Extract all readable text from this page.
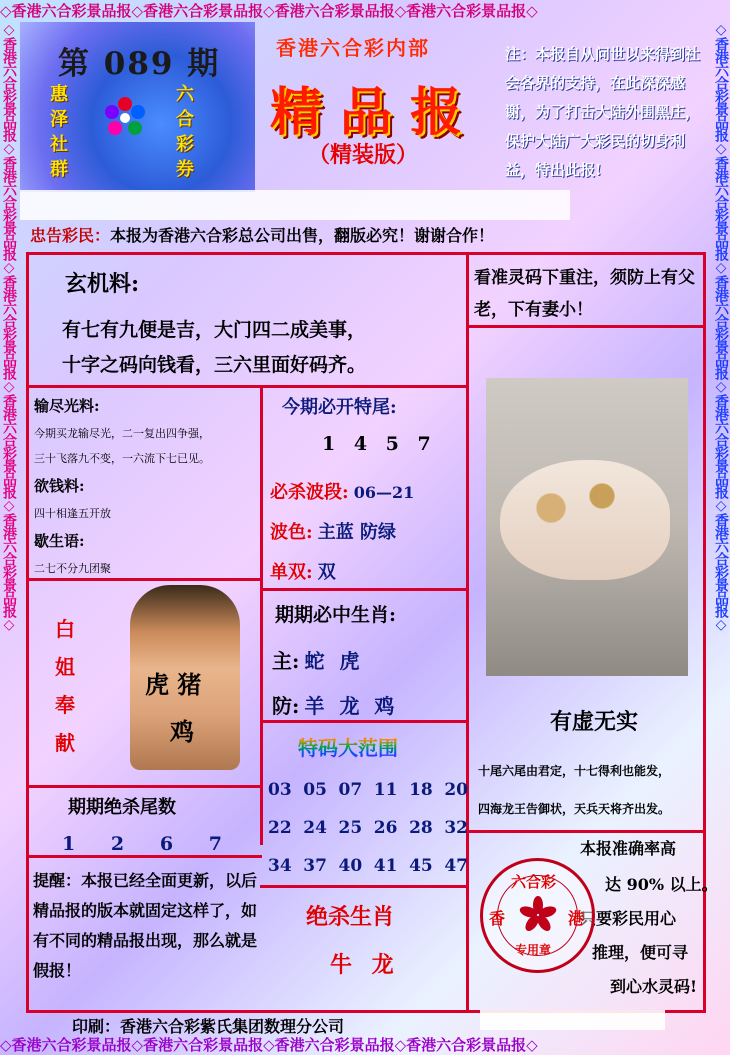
◇香港六合彩景品报◇香港六合彩景品报◇香港六合彩景品报◇香港六合彩景品报◇
◇香港六合彩景品报◇香港六合彩景品报◇香港六合彩景品报◇香港六合彩景品报◇
◇香港六合彩景品报◇香港六合彩景品报◇香港六合彩景品报◇香港六合彩景品报◇香港六合彩景品报◇	◇香港六合彩景品报◇香港六合彩景品报◇香港六合彩景品报◇香港六合彩景品报◇香港六合彩景品报◇
第 089 期
惠
泽
社
群
六
合
彩
券
香港六合彩内部
精品报
（精装版）
注：本报自从问世以来得到社会各界的支持，在此深深感谢，为了打击大陆外围黑庄，保护大陆广大彩民的切身利益，特出此报!
忠告彩民：本报为香港六合彩总公司出售，翻版必究！谢谢合作！
玄机料:
有七有九便是吉，大门四二成美事，
十字之码向钱看，三六里面好码齐。
看准灵码下重注，须防上有父老，下有妻小！
输尽光料:
今期买龙输尽光，二一复出四争强，
三十飞落九不变，一六流下七已见。
欲钱料:
四十相逢五开放
歇生语:
二七不分九团聚
今期必开特尾:
1 4 5 7
必杀波段: 06—21
波色: 主蓝 防绿
单双: 双
期期必中生肖:
主: 蛇 虎
防: 羊 龙 鸡
白
姐
奉
献
虎 猪
鸡
特码大范围
03 05 07 11 18 20
22 24 25 26 28 32
34 37 40 41 45 47
期期绝杀尾数
1 2 6 7
提醒：本报已经全面更新，以后精品报的版本就固定这样了，如有不同的精品报出现，那么就是假报！
绝杀生肖
牛 龙
有虚无实
十尾六尾由君定，十七得利也能发，
四海龙王告御状，天兵天将齐出发。
本报准确率高
达 90% 以上。
只要彩民用心
推理，便可寻
到心水灵码!
六合彩
香	港
专用章
印刷：香港六合彩紫氏集团数理分公司
